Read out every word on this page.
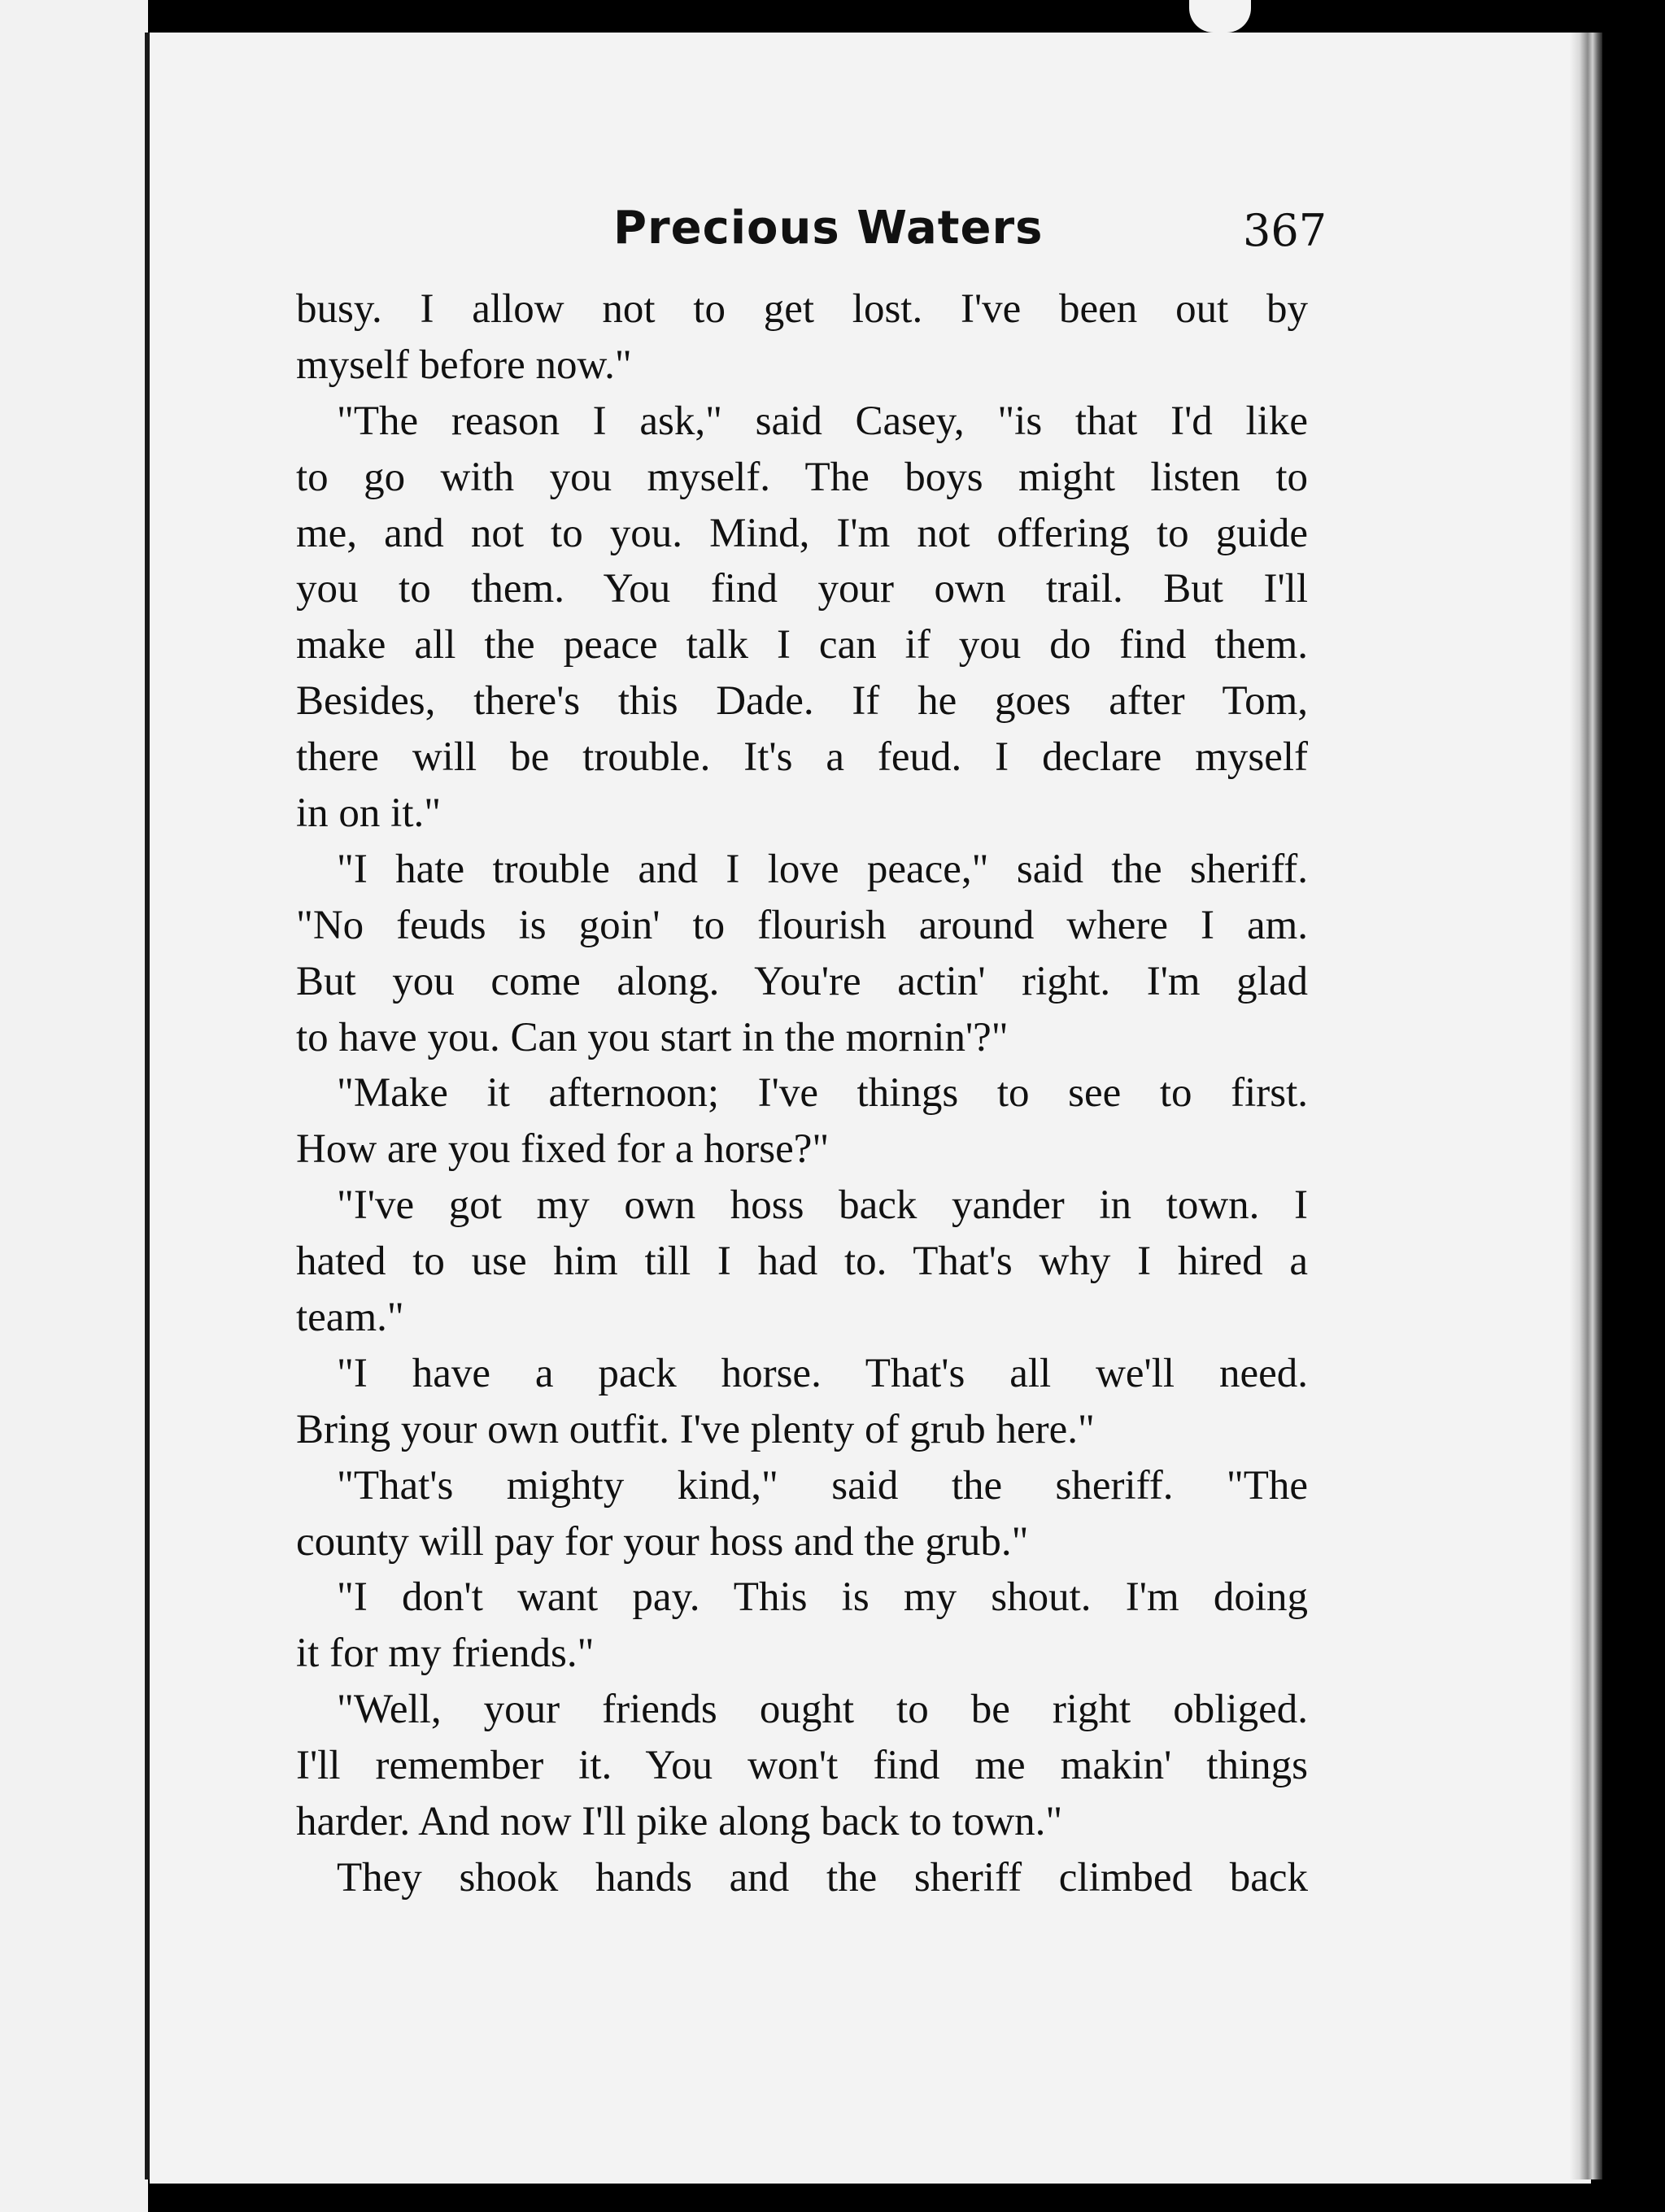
Precious Waters	367
busy. I allow not to get lost. I've been out by
myself before now."
"The reason I ask," said Casey, "is that I'd like
to go with you myself. The boys might listen to
me, and not to you. Mind, I'm not offering to guide
you to them. You find your own trail. But I'll
make all the peace talk I can if you do find them.
Besides, there's this Dade. If he goes after Tom,
there will be trouble. It's a feud. I declare myself
in on it."
"I hate trouble and I love peace," said the sheriff.
"No feuds is goin' to flourish around where I am.
But you come along. You're actin' right. I'm glad
to have you. Can you start in the mornin'?"
"Make it afternoon; I've things to see to first.
How are you fixed for a horse?"
"I've got my own hoss back yander in town. I
hated to use him till I had to. That's why I hired a
team."
"I have a pack horse. That's all we'll need.
Bring your own outfit. I've plenty of grub here."
"That's mighty kind," said the sheriff. "The
county will pay for your hoss and the grub."
"I don't want pay. This is my shout. I'm doing
it for my friends."
"Well, your friends ought to be right obliged.
I'll remember it. You won't find me makin' things
harder. And now I'll pike along back to town."
They shook hands and the sheriff climbed back
